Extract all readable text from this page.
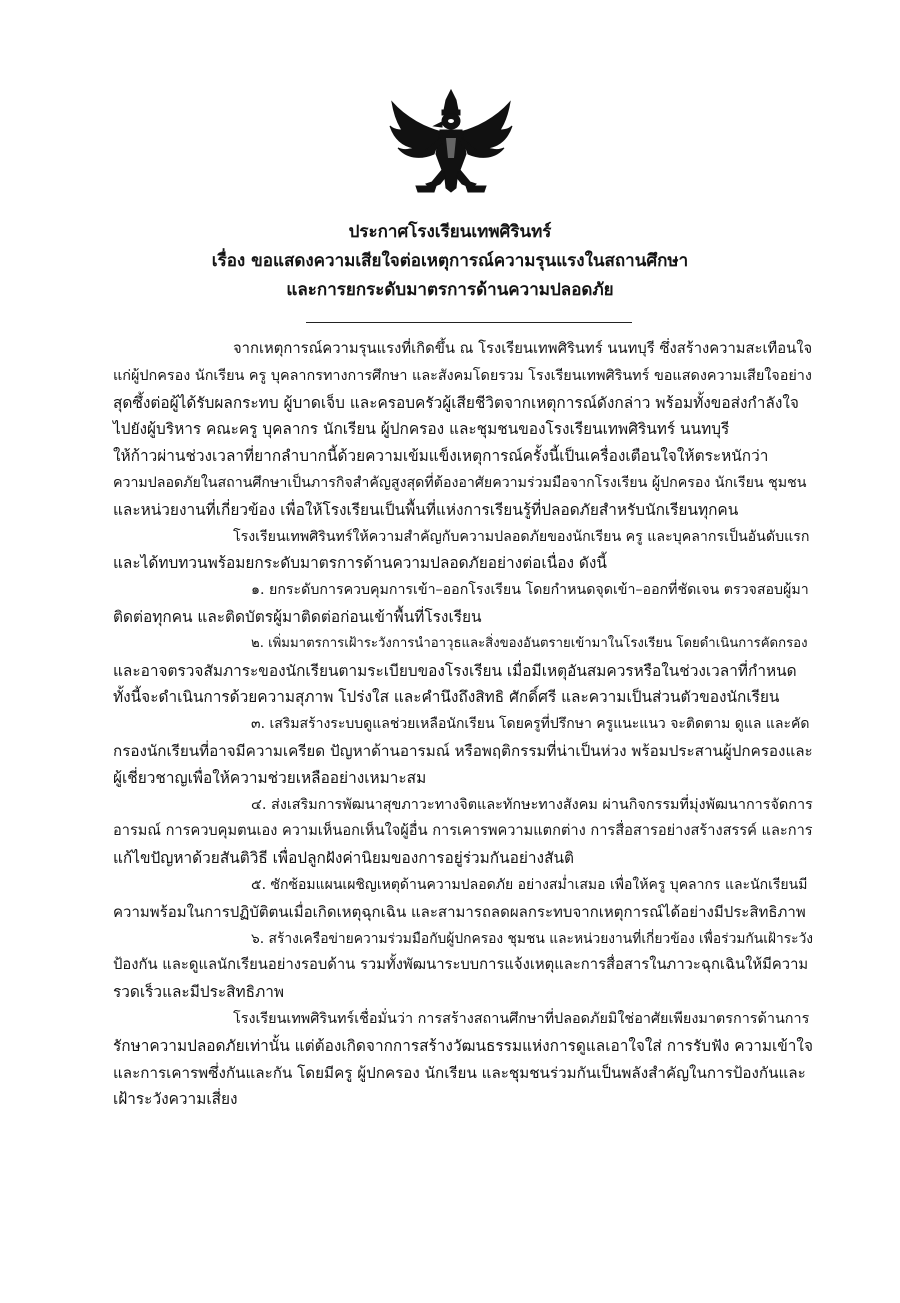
ประกาศโรงเรียนเทพศิรินทร์
เรื่อง ขอแสดงความเสียใจต่อเหตุการณ์ความรุนแรงในสถานศึกษา
และการยกระดับมาตรการด้านความปลอดภัย
จากเหตุการณ์ความรุนแรงที่เกิดขึ้น ณ โรงเรียนเทพศิรินทร์ นนทบุรี ซึ่งสร้างความสะเทือนใจ
แก่ผู้ปกครอง นักเรียน ครู บุคลากรทางการศึกษา และสังคมโดยรวม โรงเรียนเทพศิรินทร์ ขอแสดงความเสียใจอย่าง
สุดซึ้งต่อผู้ได้รับผลกระทบ ผู้บาดเจ็บ และครอบครัวผู้เสียชีวิตจากเหตุการณ์ดังกล่าว พร้อมทั้งขอส่งกำลังใจ
ไปยังผู้บริหาร คณะครู บุคลากร นักเรียน ผู้ปกครอง และชุมชนของโรงเรียนเทพศิรินทร์ นนทบุรี
ให้ก้าวผ่านช่วงเวลาที่ยากลำบากนี้ด้วยความเข้มแข็งเหตุการณ์ครั้งนี้เป็นเครื่องเตือนใจให้ตระหนักว่า
ความปลอดภัยในสถานศึกษาเป็นภารกิจสำคัญสูงสุดที่ต้องอาศัยความร่วมมือจากโรงเรียน ผู้ปกครอง นักเรียน ชุมชน
และหน่วยงานที่เกี่ยวข้อง เพื่อให้โรงเรียนเป็นพื้นที่แห่งการเรียนรู้ที่ปลอดภัยสำหรับนักเรียนทุกคน
โรงเรียนเทพศิรินทร์ให้ความสำคัญกับความปลอดภัยของนักเรียน ครู และบุคลากรเป็นอันดับแรก
และได้ทบทวนพร้อมยกระดับมาตรการด้านความปลอดภัยอย่างต่อเนื่อง ดังนี้
๑. ยกระดับการควบคุมการเข้า–ออกโรงเรียน โดยกำหนดจุดเข้า–ออกที่ชัดเจน ตรวจสอบผู้มา
ติดต่อทุกคน และติดบัตรผู้มาติดต่อก่อนเข้าพื้นที่โรงเรียน
๒. เพิ่มมาตรการเฝ้าระวังการนำอาวุธและสิ่งของอันตรายเข้ามาในโรงเรียน โดยดำเนินการคัดกรอง
และอาจตรวจสัมภาระของนักเรียนตามระเบียบของโรงเรียน เมื่อมีเหตุอันสมควรหรือในช่วงเวลาที่กำหนด
ทั้งนี้จะดำเนินการด้วยความสุภาพ โปร่งใส และคำนึงถึงสิทธิ ศักดิ์ศรี และความเป็นส่วนตัวของนักเรียน
๓. เสริมสร้างระบบดูแลช่วยเหลือนักเรียน โดยครูที่ปรึกษา ครูแนะแนว จะติดตาม ดูแล และคัด
กรองนักเรียนที่อาจมีความเครียด ปัญหาด้านอารมณ์ หรือพฤติกรรมที่น่าเป็นห่วง พร้อมประสานผู้ปกครองและ
ผู้เชี่ยวชาญเพื่อให้ความช่วยเหลืออย่างเหมาะสม
๔. ส่งเสริมการพัฒนาสุขภาวะทางจิตและทักษะทางสังคม ผ่านกิจกรรมที่มุ่งพัฒนาการจัดการ
อารมณ์ การควบคุมตนเอง ความเห็นอกเห็นใจผู้อื่น การเคารพความแตกต่าง การสื่อสารอย่างสร้างสรรค์ และการ
แก้ไขปัญหาด้วยสันติวิธี เพื่อปลูกฝังค่านิยมของการอยู่ร่วมกันอย่างสันติ
๕. ซักซ้อมแผนเผชิญเหตุด้านความปลอดภัย อย่างสม่ำเสมอ เพื่อให้ครู บุคลากร และนักเรียนมี
ความพร้อมในการปฏิบัติตนเมื่อเกิดเหตุฉุกเฉิน และสามารถลดผลกระทบจากเหตุการณ์ได้อย่างมีประสิทธิภาพ
๖. สร้างเครือข่ายความร่วมมือกับผู้ปกครอง ชุมชน และหน่วยงานที่เกี่ยวข้อง เพื่อร่วมกันเฝ้าระวัง
ป้องกัน และดูแลนักเรียนอย่างรอบด้าน รวมทั้งพัฒนาระบบการแจ้งเหตุและการสื่อสารในภาวะฉุกเฉินให้มีความ
รวดเร็วและมีประสิทธิภาพ
โรงเรียนเทพศิรินทร์เชื่อมั่นว่า การสร้างสถานศึกษาที่ปลอดภัยมิใช่อาศัยเพียงมาตรการด้านการ
รักษาความปลอดภัยเท่านั้น แต่ต้องเกิดจากการสร้างวัฒนธรรมแห่งการดูแลเอาใจใส่ การรับฟัง ความเข้าใจ
และการเคารพซึ่งกันและกัน โดยมีครู ผู้ปกครอง นักเรียน และชุมชนร่วมกันเป็นพลังสำคัญในการป้องกันและ
เฝ้าระวังความเสี่ยง
